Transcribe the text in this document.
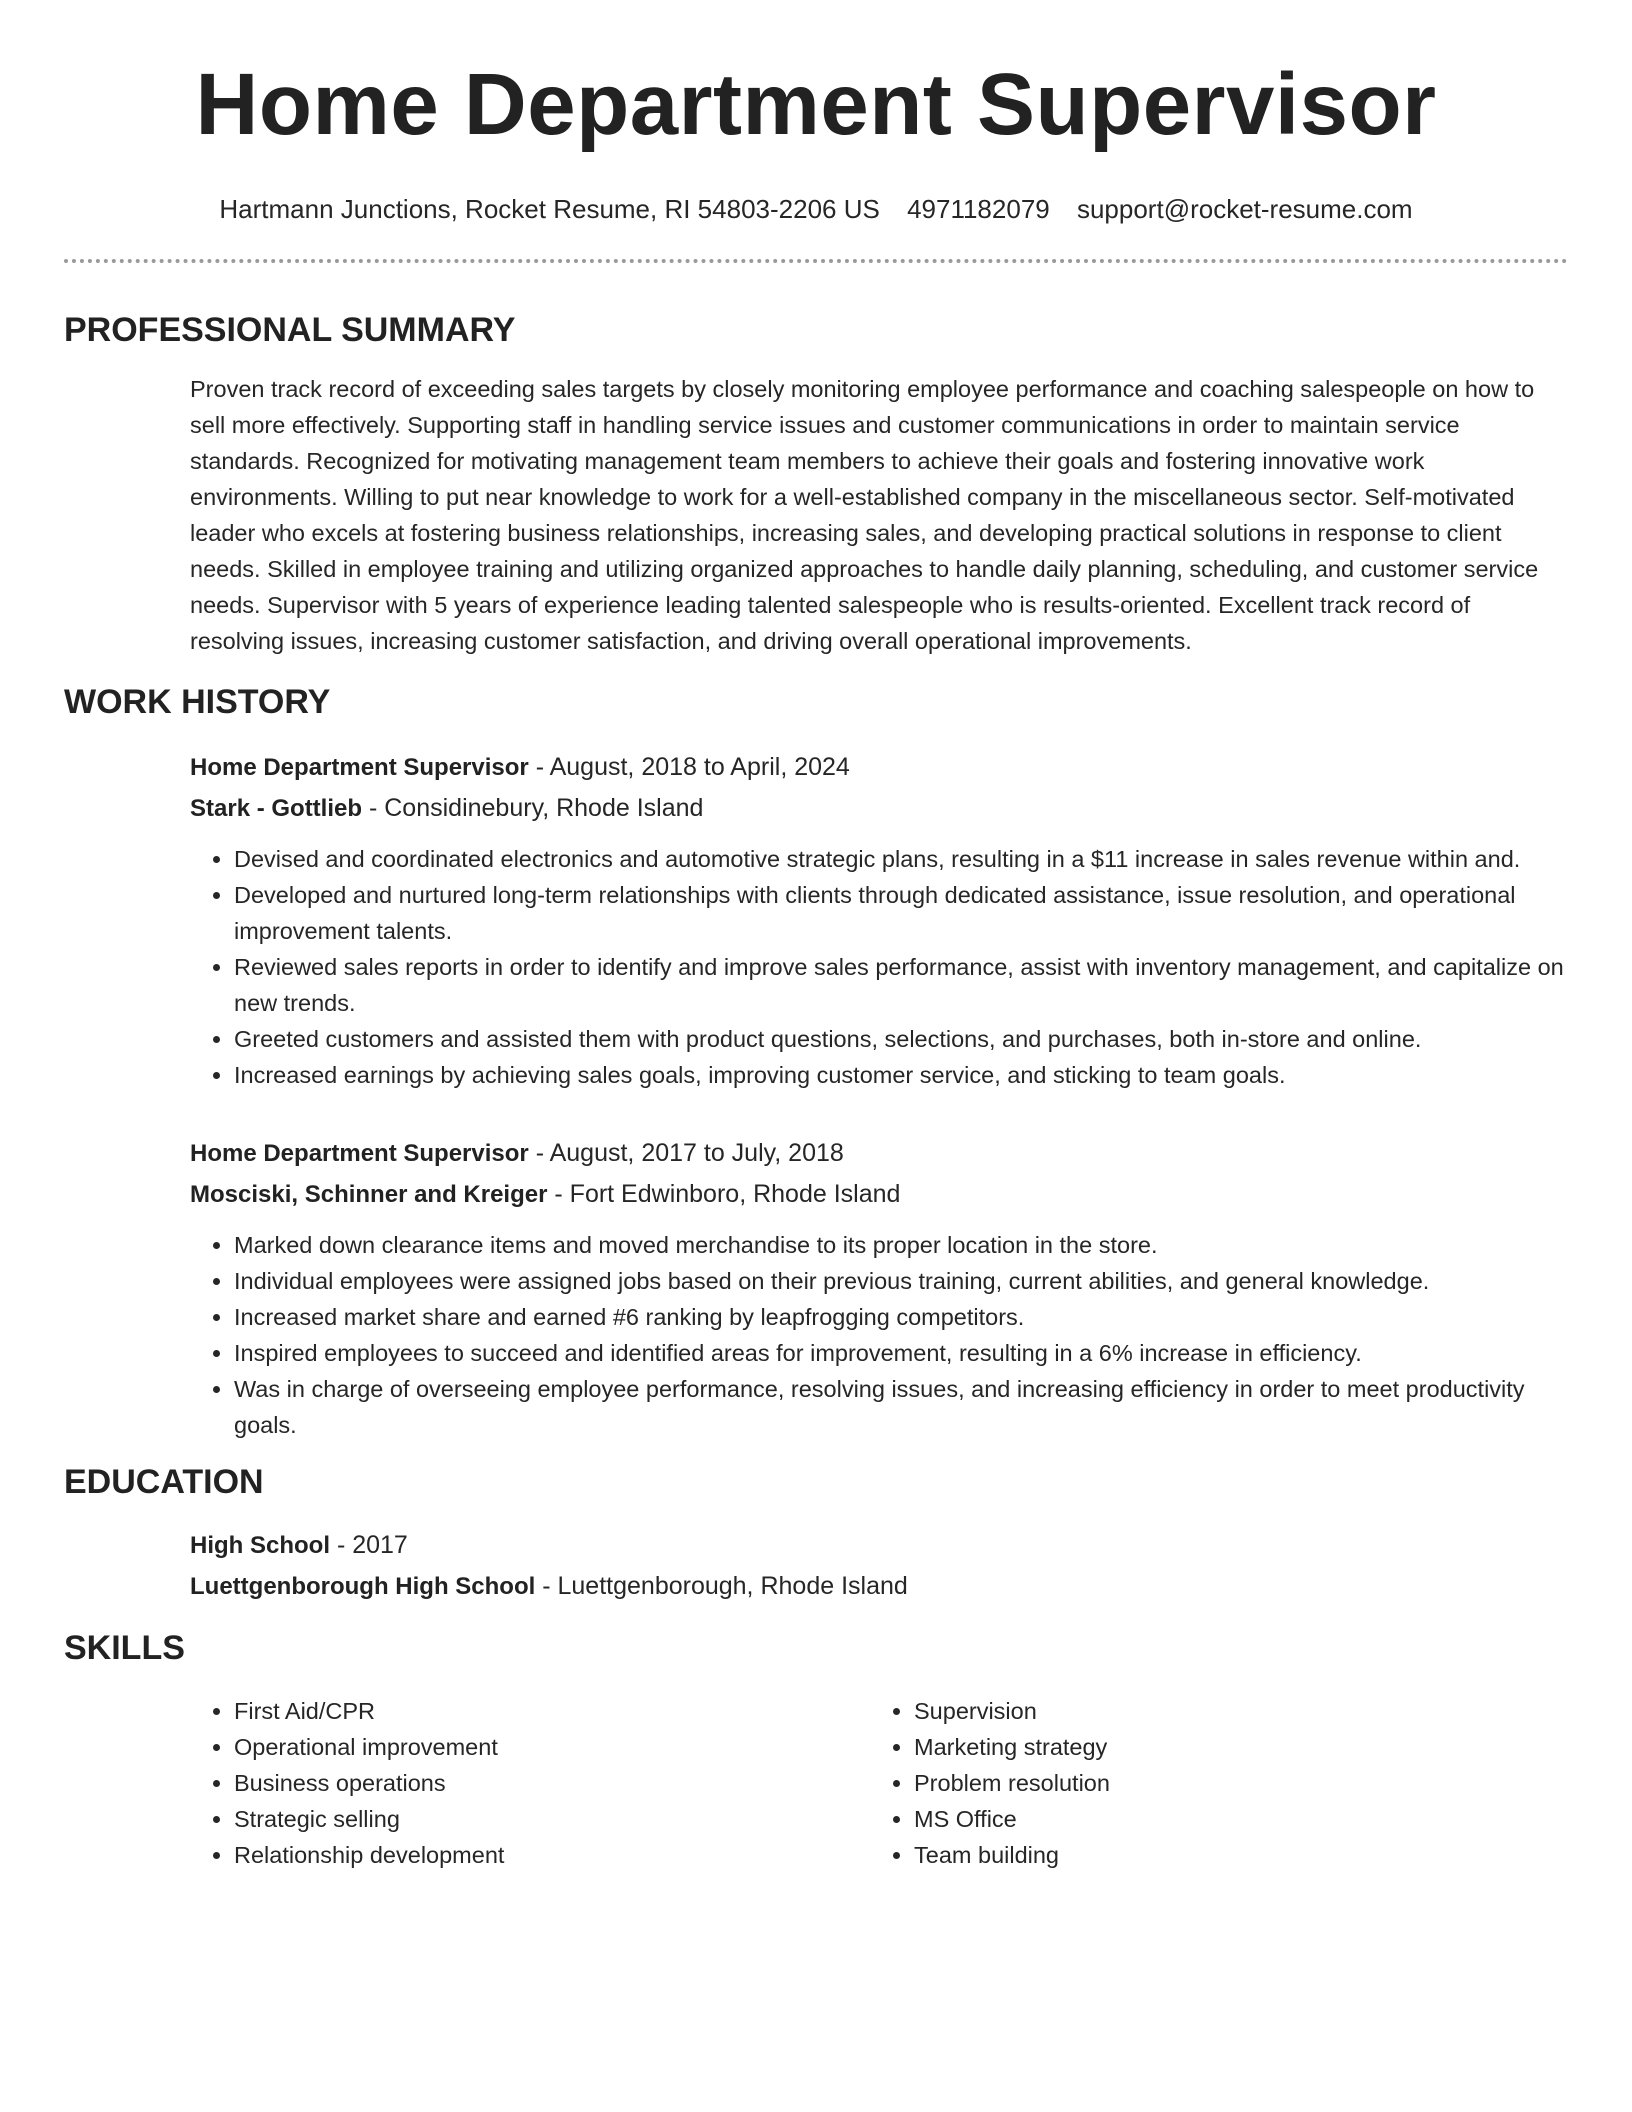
Home Department Supervisor
Hartmann Junctions, Rocket Resume, RI 54803-2206 US 4971182079 support@rocket-resume.com
PROFESSIONAL SUMMARY
Proven track record of exceeding sales targets by closely monitoring employee performance and coaching salespeople on how to sell more effectively. Supporting staff in handling service issues and customer communications in order to maintain service standards. Recognized for motivating management team members to achieve their goals and fostering innovative work environments. Willing to put near knowledge to work for a well-established company in the miscellaneous sector. Self-motivated leader who excels at fostering business relationships, increasing sales, and developing practical solutions in response to client needs. Skilled in employee training and utilizing organized approaches to handle daily planning, scheduling, and customer service needs. Supervisor with 5 years of experience leading talented salespeople who is results-oriented. Excellent track record of resolving issues, increasing customer satisfaction, and driving overall operational improvements.
WORK HISTORY
Home Department Supervisor - August, 2018 to April, 2024
Stark - Gottlieb - Considinebury, Rhode Island
• Devised and coordinated electronics and automotive strategic plans, resulting in a $11 increase in sales revenue within and.
• Developed and nurtured long-term relationships with clients through dedicated assistance, issue resolution, and operational improvement talents.
• Reviewed sales reports in order to identify and improve sales performance, assist with inventory management, and capitalize on new trends.
• Greeted customers and assisted them with product questions, selections, and purchases, both in-store and online.
• Increased earnings by achieving sales goals, improving customer service, and sticking to team goals.
Home Department Supervisor - August, 2017 to July, 2018
Mosciski, Schinner and Kreiger - Fort Edwinboro, Rhode Island
• Marked down clearance items and moved merchandise to its proper location in the store.
• Individual employees were assigned jobs based on their previous training, current abilities, and general knowledge.
• Increased market share and earned #6 ranking by leapfrogging competitors.
• Inspired employees to succeed and identified areas for improvement, resulting in a 6% increase in efficiency.
• Was in charge of overseeing employee performance, resolving issues, and increasing efficiency in order to meet productivity goals.
EDUCATION
High School - 2017
Luettgenborough High School - Luettgenborough, Rhode Island
SKILLS
• First Aid/CPR
• Operational improvement
• Business operations
• Strategic selling
• Relationship development
• Supervision
• Marketing strategy
• Problem resolution
• MS Office
• Team building
